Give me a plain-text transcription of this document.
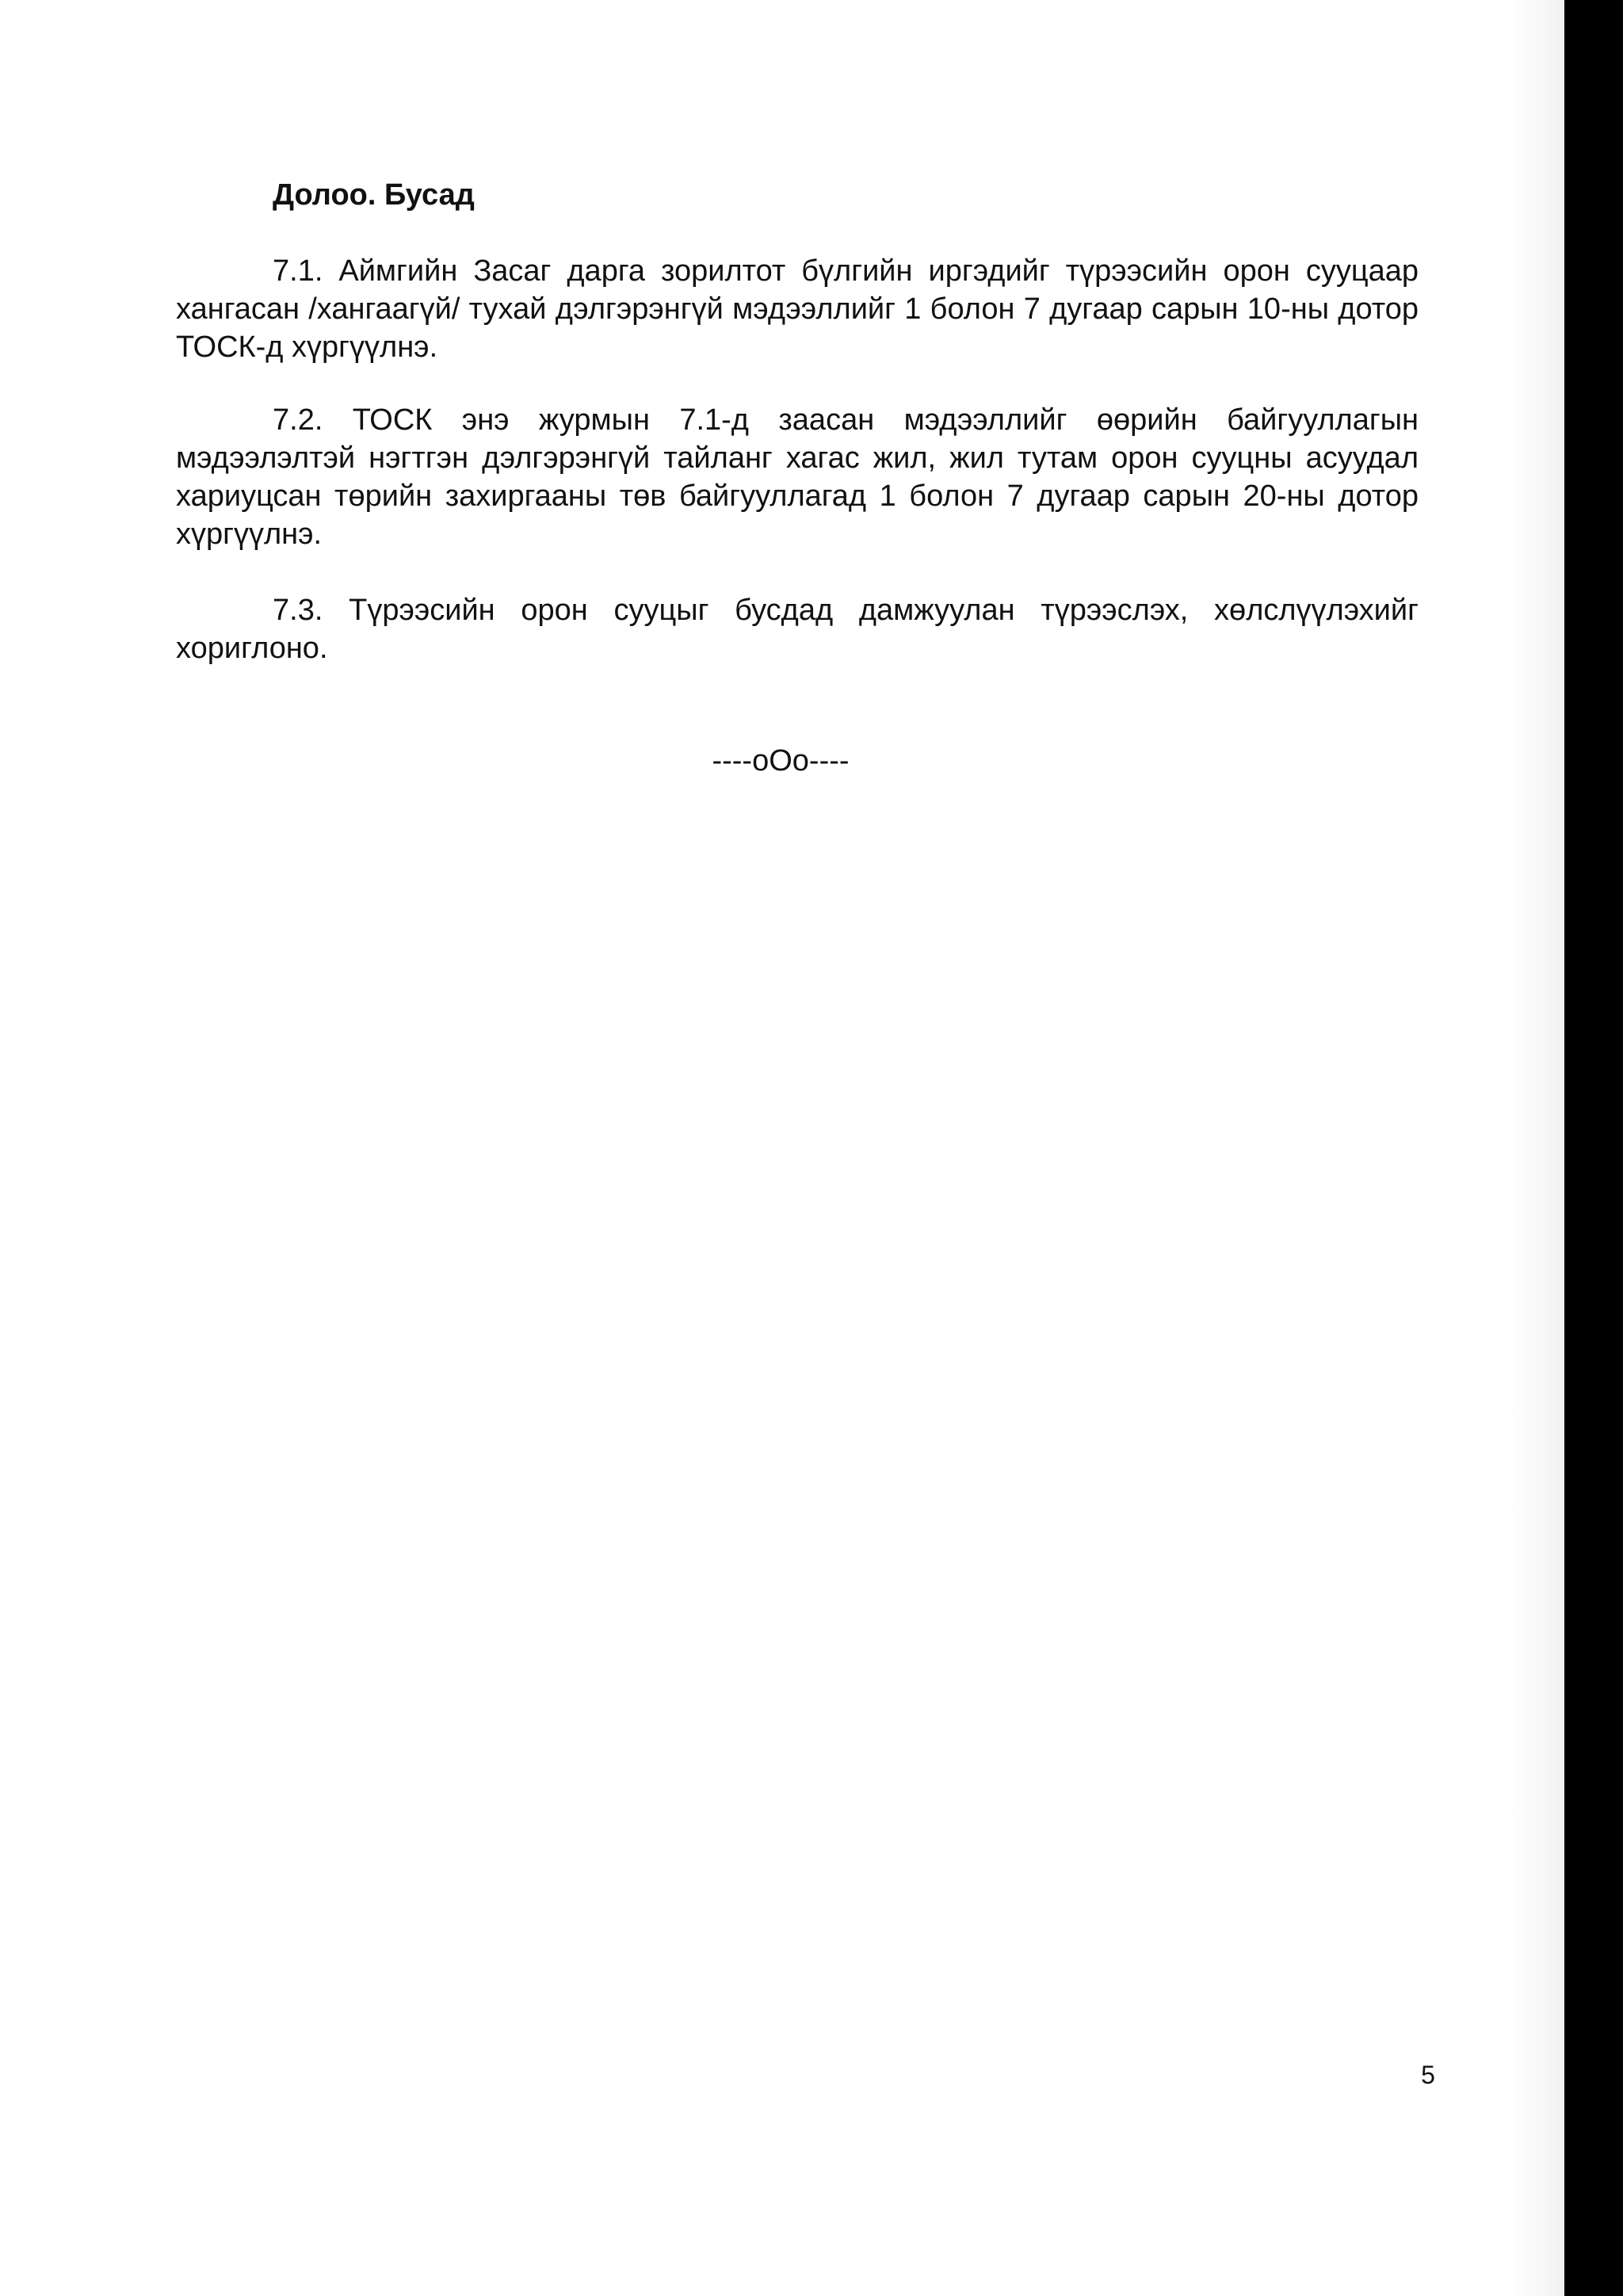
Долоо. Бусад

7.1. Аймгийн Засаг дарга зорилтот бүлгийн иргэдийг түрээсийн орон сууцаар хангасан /хангаагүй/ тухай дэлгэрэнгүй мэдээллийг 1 болон 7 дугаар сарын 10-ны дотор ТОСК-д хүргүүлнэ.

7.2. ТОСК энэ журмын 7.1-д заасан мэдээллийг өөрийн байгууллагын мэдээлэлтэй нэгтгэн дэлгэрэнгүй тайланг хагас жил, жил тутам орон сууцны асуудал хариуцсан төрийн захиргааны төв байгууллагад 1 болон 7 дугаар сарын 20-ны дотор хүргүүлнэ.

7.3. Түрээсийн орон сууцыг бусдад дамжуулан түрээслэх, хөлслүүлэхийг хориглоно.

----oOo----

5
